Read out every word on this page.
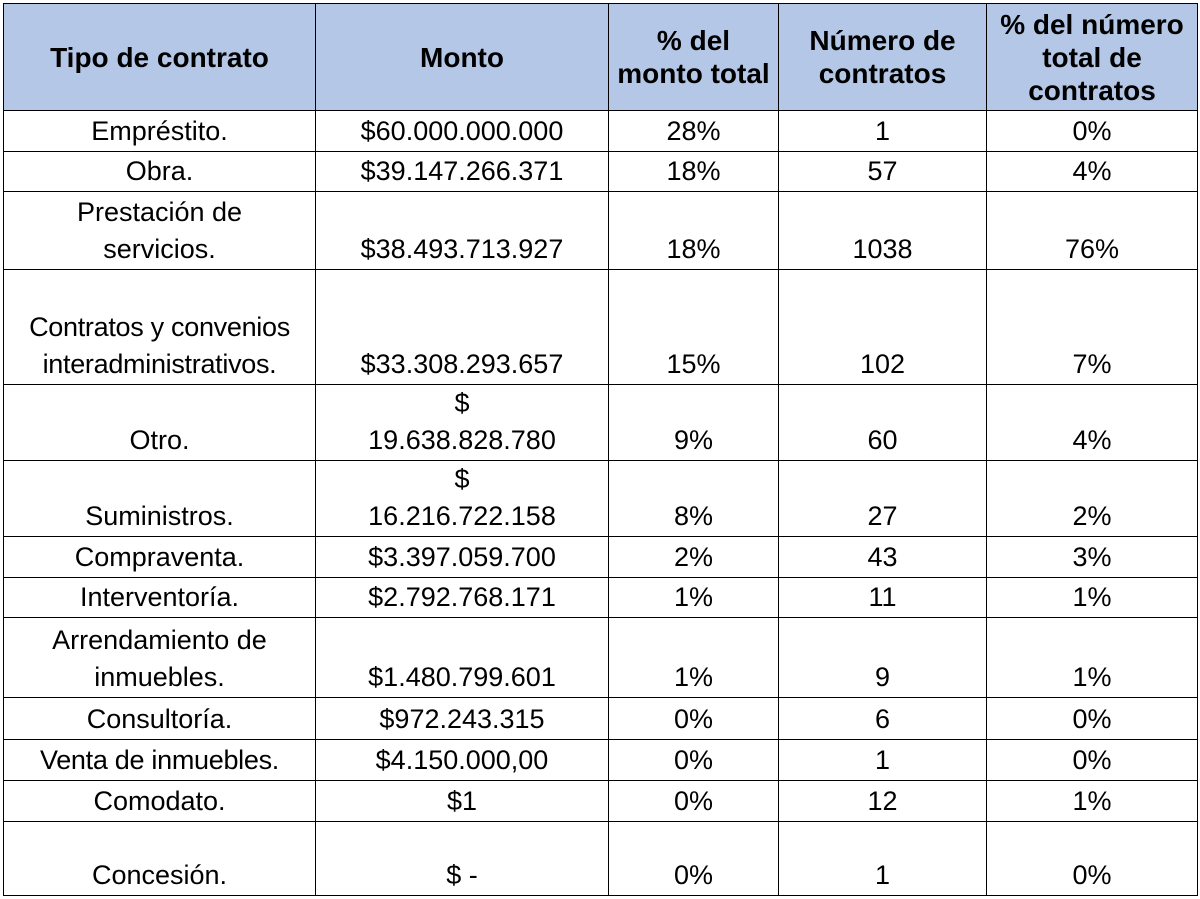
Tipo de contrato	Monto	% del monto total	Número de contratos	% del número total de contratos
Empréstito.	$60.000.000.000	28%	1	0%
Obra.	$39.147.266.371	18%	57	4%
Prestación de servicios.	$38.493.713.927	18%	1038	76%
Contratos y convenios interadministrativos.	$33.308.293.657	15%	102	7%
Otro.	$ 19.638.828.780	9%	60	4%
Suministros.	$ 16.216.722.158	8%	27	2%
Compraventa.	$3.397.059.700	2%	43	3%
Interventoría.	$2.792.768.171	1%	11	1%
Arrendamiento de inmuebles.	$1.480.799.601	1%	9	1%
Consultoría.	$972.243.315	0%	6	0%
Venta de inmuebles.	$4.150.000,00	0%	1	0%
Comodato.	$1	0%	12	1%
Concesión.	$ -	0%	1	0%
